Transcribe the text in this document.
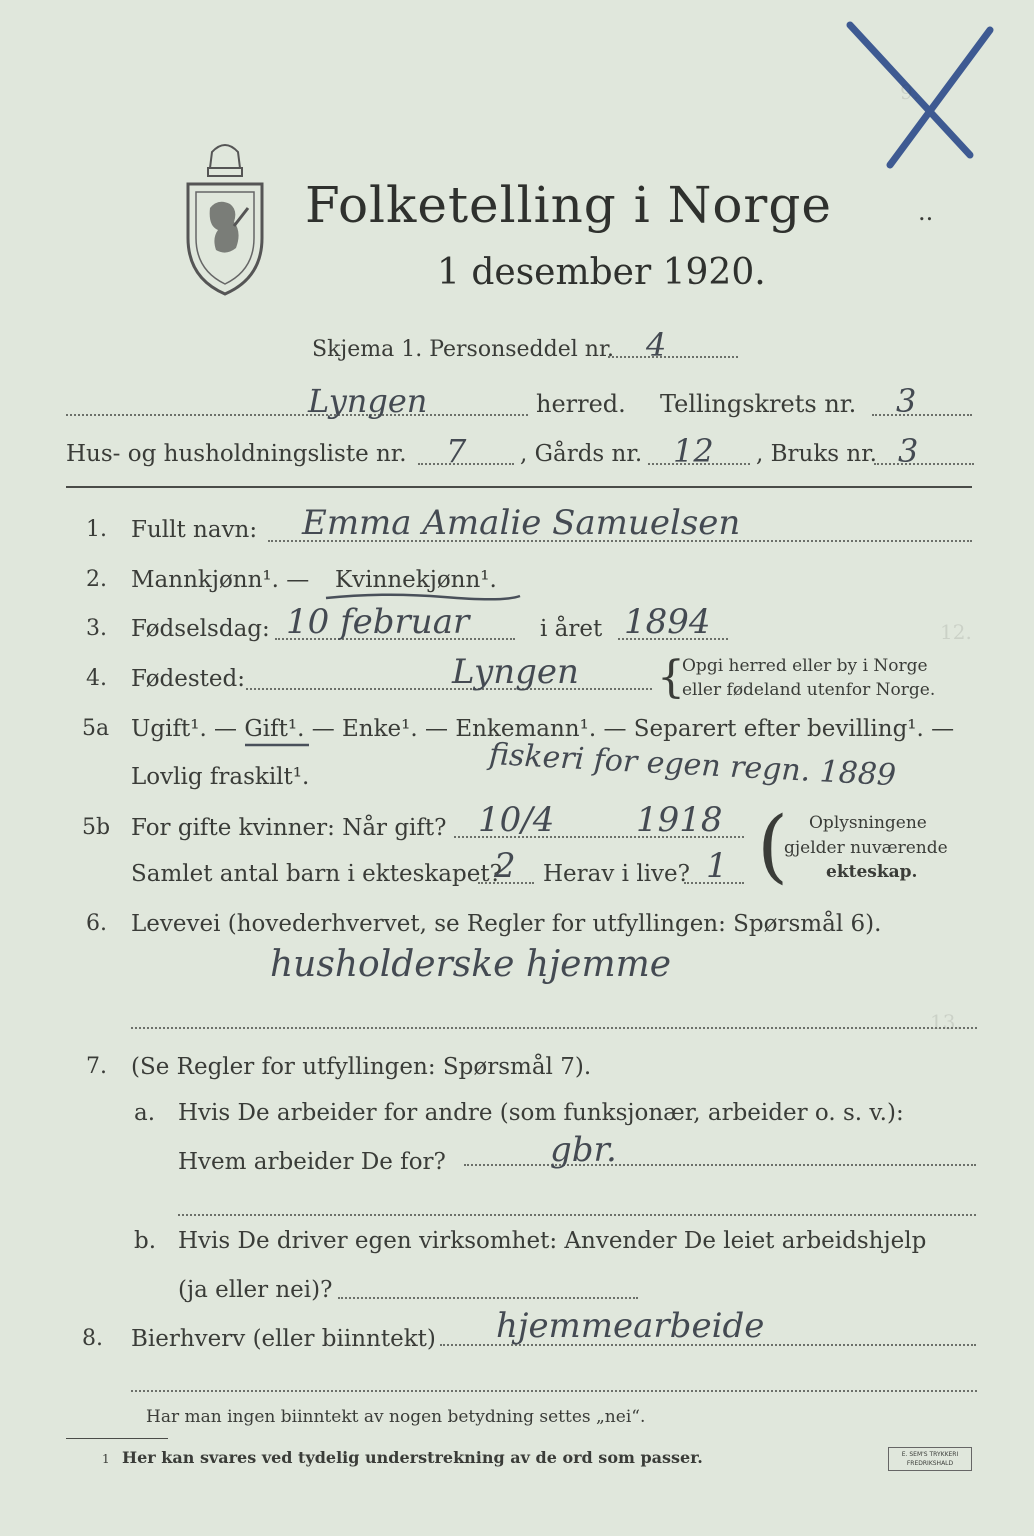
Folketelling i Norge	..
1 desember 1920.
Skjema 1. Personseddel nr. 4
Lyngen	herred. Tellingskrets nr. 3
Hus- og husholdningsliste nr. 7 , Gårds nr. 12 , Bruks nr. 3
9.
12.
13.
1. Fullt navn: Emma Amalie Samuelsen
2. Mannkjønn¹. — Kvinnekjønn¹.
3. Fødselsdag: 10 februar	i året 1894
4. Fødested:	Lyngen {
Opgi herred eller by i Norge
eller fødeland utenfor Norge.
5a Ugift¹. — Gift¹. — Enke¹. — Enkemann¹. — Separert efter bevilling¹. —
Lovlig fraskilt¹.	fiskeri for egen regn. 1889
5b For gifte kvinner: Når gift? 10/4 1918
Samlet antal barn i ekteskapet?
2 Herav i live? 1 ( Oplysningene
gjelder nuværende
ekteskap.
6. Levevei (hovederhvervet, se Regler for utfyllingen: Spørsmål 6).
husholderske hjemme
7. (Se Regler for utfyllingen: Spørsmål 7).
a. Hvis De arbeider for andre (som funksjonær, arbeider o. s. v.):
Hvem arbeider De for?	gbr.
b. Hvis De driver egen virksomhet: Anvender De leiet arbeidshjelp
(ja eller nei)?
8. Bierhverv (eller biinntekt) hjemmearbeide
Har man ingen biinntekt av nogen betydning settes „nei“.
1 Her kan svares ved tydelig understrekning av de ord som passer.	E. SEM'S TRYKKERI
FREDRIKSHALD
